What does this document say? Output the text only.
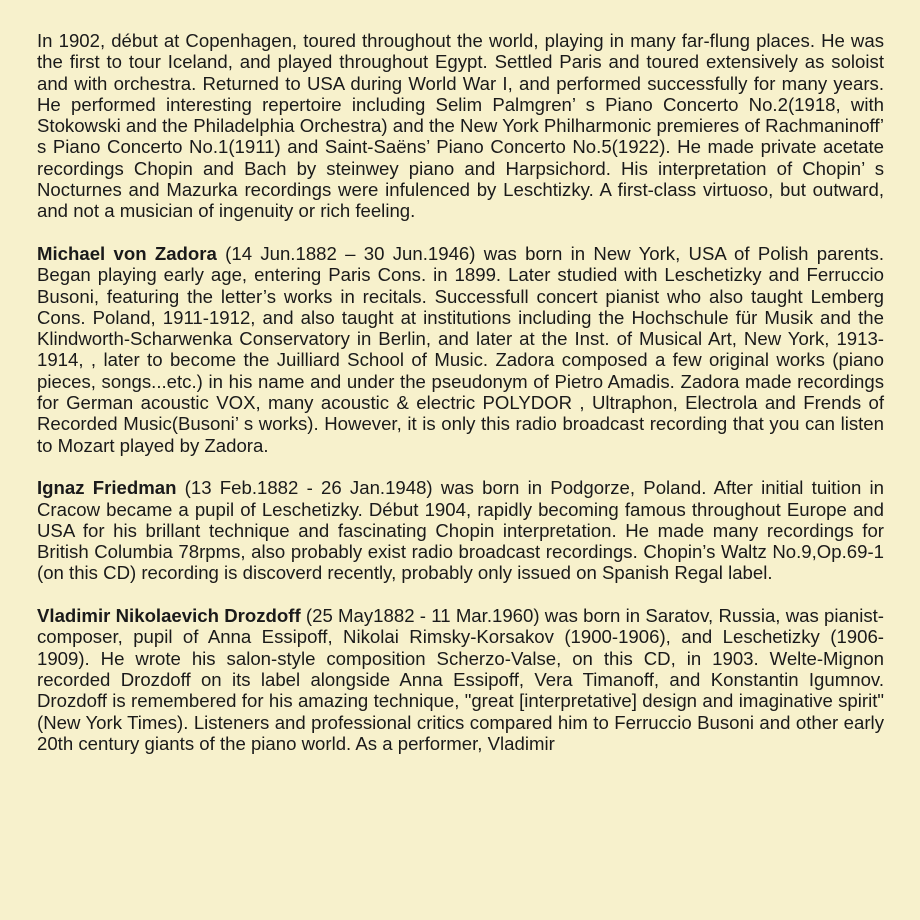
In 1902, début at Copenhagen, toured throughout the world, playing in many far-flung places. He was the first to tour Iceland, and played throughout Egypt. Settled Paris and toured extensively as soloist and with orchestra. Returned to USA during World War I, and performed successfully for many years. He performed interesting repertoire including Selim Palmgren’ s Piano Concerto No.2(1918, with Stokowski and the Philadelphia Orchestra) and the New York Philharmonic premieres of Rachmaninoff’ s Piano Concerto No.1(1911) and Saint-Saëns’ Piano Concerto No.5(1922). He made private acetate recordings Chopin and Bach by steinwey piano and Harpsichord. His interpretation of Chopin’ s Nocturnes and Mazurka recordings were infulenced by Leschtizky. A first-class virtuoso, but outward, and not a musician of ingenuity or rich feeling.

Michael von Zadora (14 Jun.1882 – 30 Jun.1946) was born in New York, USA of Polish parents. Began playing early age, entering Paris Cons. in 1899. Later studied with Leschetizky and Ferruccio Busoni, featuring the letter’s works in recitals. Successfull concert pianist who also taught Lemberg Cons. Poland, 1911-1912, and also taught at institutions including the Hochschule für Musik and the Klindworth-Scharwenka Conservatory in Berlin, and later at the Inst. of Musical Art, New York, 1913-1914, , later to become the Juilliard School of Music. Zadora composed a few original works (piano pieces, songs...etc.) in his name and under the pseudonym of Pietro Amadis. Zadora made recordings for German acoustic VOX, many acoustic & electric POLYDOR , Ultraphon, Electrola and Frends of Recorded Music(Busoni’ s works). However, it is only this radio broadcast recording that you can listen to Mozart played by Zadora.

Ignaz Friedman (13 Feb.1882 - 26 Jan.1948) was born in Podgorze, Poland. After initial tuition in Cracow became a pupil of Leschetizky. Début 1904, rapidly becoming famous throughout Europe and USA for his brillant technique and fascinating Chopin interpretation. He made many recordings for British Columbia 78rpms, also probably exist radio broadcast recordings. Chopin’s Waltz No.9,Op.69-1 (on this CD) recording is discoverd recently, probably only issued on Spanish Regal label.

Vladimir Nikolaevich Drozdoff (25 May1882 - 11 Mar.1960) was born in Saratov, Russia, was pianist-composer, pupil of Anna Essipoff, Nikolai Rimsky-Korsakov (1900-1906), and Leschetizky (1906-1909). He wrote his salon-style composition Scherzo-Valse, on this CD, in 1903. Welte-Mignon recorded Drozdoff on its label alongside Anna Essipoff, Vera Timanoff, and Konstantin Igumnov. Drozdoff is remembered for his amazing technique, "great [interpretative] design and imaginative spirit" (New York Times). Listeners and professional critics compared him to Ferruccio Busoni and other early 20th century giants of the piano world. As a performer, Vladimir
